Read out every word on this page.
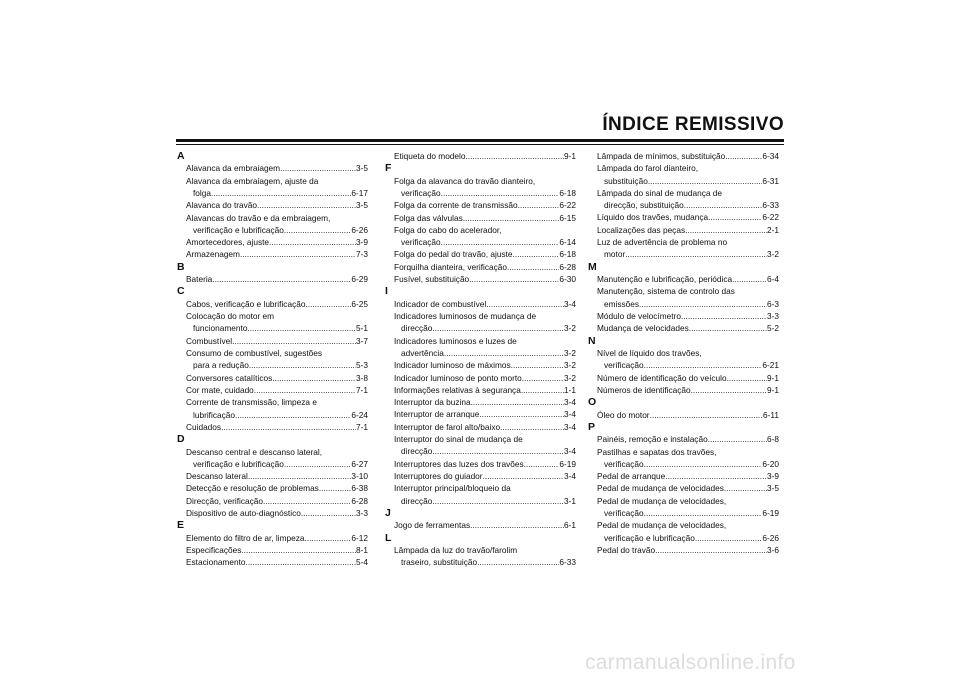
ÍNDICE REMISSIVO
A
Alavanca da embraiagem .....	3-5
Alavanca da embraiagem, ajuste da
folga .....	6-17
Alavanca do travão .....	3-5
Alavancas do travão e da embraiagem,
verificação e lubrificação .....	6-26
Amortecedores, ajuste .....	3-9
Armazenagem .....	7-3
B
Bateria .....	6-29
C
Cabos, verificação e lubrificação .....	6-25
Colocação do motor em
funcionamento .....	5-1
Combustível .....	3-7
Consumo de combustível, sugestões
para a redução .....	5-3
Conversores catalíticos .....	3-8
Cor mate, cuidado .....	7-1
Corrente de transmissão, limpeza e
lubrificação .....	6-24
Cuidados .....	7-1
D
Descanso central e descanso lateral,
verificação e lubrificação .....	6-27
Descanso lateral .....	3-10
Detecção e resolução de problemas .....	6-38
Direcção, verificação .....	6-28
Dispositivo de auto-diagnóstico .....	3-3
E
Elemento do filtro de ar, limpeza .....	6-12
Especificações .....	8-1
Estacionamento .....	5-4
Etiqueta do modelo .....	9-1
F
Folga da alavanca do travão dianteiro,
verificação .....	6-18
Folga da corrente de transmissão .....	6-22
Folga das válvulas .....	6-15
Folga do cabo do acelerador,
verificação .....	6-14
Folga do pedal do travão, ajuste .....	6-18
Forquilha dianteira, verificação .....	6-28
Fusível, substituição .....	6-30
I
Indicador de combustível .....	3-4
Indicadores luminosos de mudança de
direcção .....	3-2
Indicadores luminosos e luzes de
advertência .....	3-2
Indicador luminoso de máximos .....	3-2
Indicador luminoso de ponto morto .....	3-2
Informações relativas à segurança .....	1-1
Interruptor da buzina .....	3-4
Interruptor de arranque .....	3-4
Interruptor de farol alto/baixo .....	3-4
Interruptor do sinal de mudança de
direcção .....	3-4
Interruptores das luzes dos travões .....	6-19
Interruptores do guiador .....	3-4
Interruptor principal/bloqueio da
direcção .....	3-1
J
Jogo de ferramentas .....	6-1
L
Lâmpada da luz do travão/farolim
traseiro, substituição .....	6-33
Lâmpada de mínimos, substituição .....	6-34
Lâmpada do farol dianteiro,
substituição .....	6-31
Lâmpada do sinal de mudança de
direcção, substituição .....	6-33
Líquido dos travões, mudança .....	6-22
Localizações das peças .....	2-1
Luz de advertência de problema no
motor .....	3-2
M
Manutenção e lubrificação, periódica .....	6-4
Manutenção, sistema de controlo das
emissões .....	6-3
Módulo de velocímetro .....	3-3
Mudança de velocidades .....	5-2
N
Nível de líquido dos travões,
verificação .....	6-21
Número de identificação do veículo .....	9-1
Números de identificação .....	9-1
O
Óleo do motor .....	6-11
P
Painéis, remoção e instalação .....	6-8
Pastilhas e sapatas dos travões,
verificação .....	6-20
Pedal de arranque .....	3-9
Pedal de mudança de velocidades .....	3-5
Pedal de mudança de velocidades,
verificação .....	6-19
Pedal de mudança de velocidades,
verificação e lubrificação .....	6-26
Pedal do travão .....	3-6
carmanualsonline.info
